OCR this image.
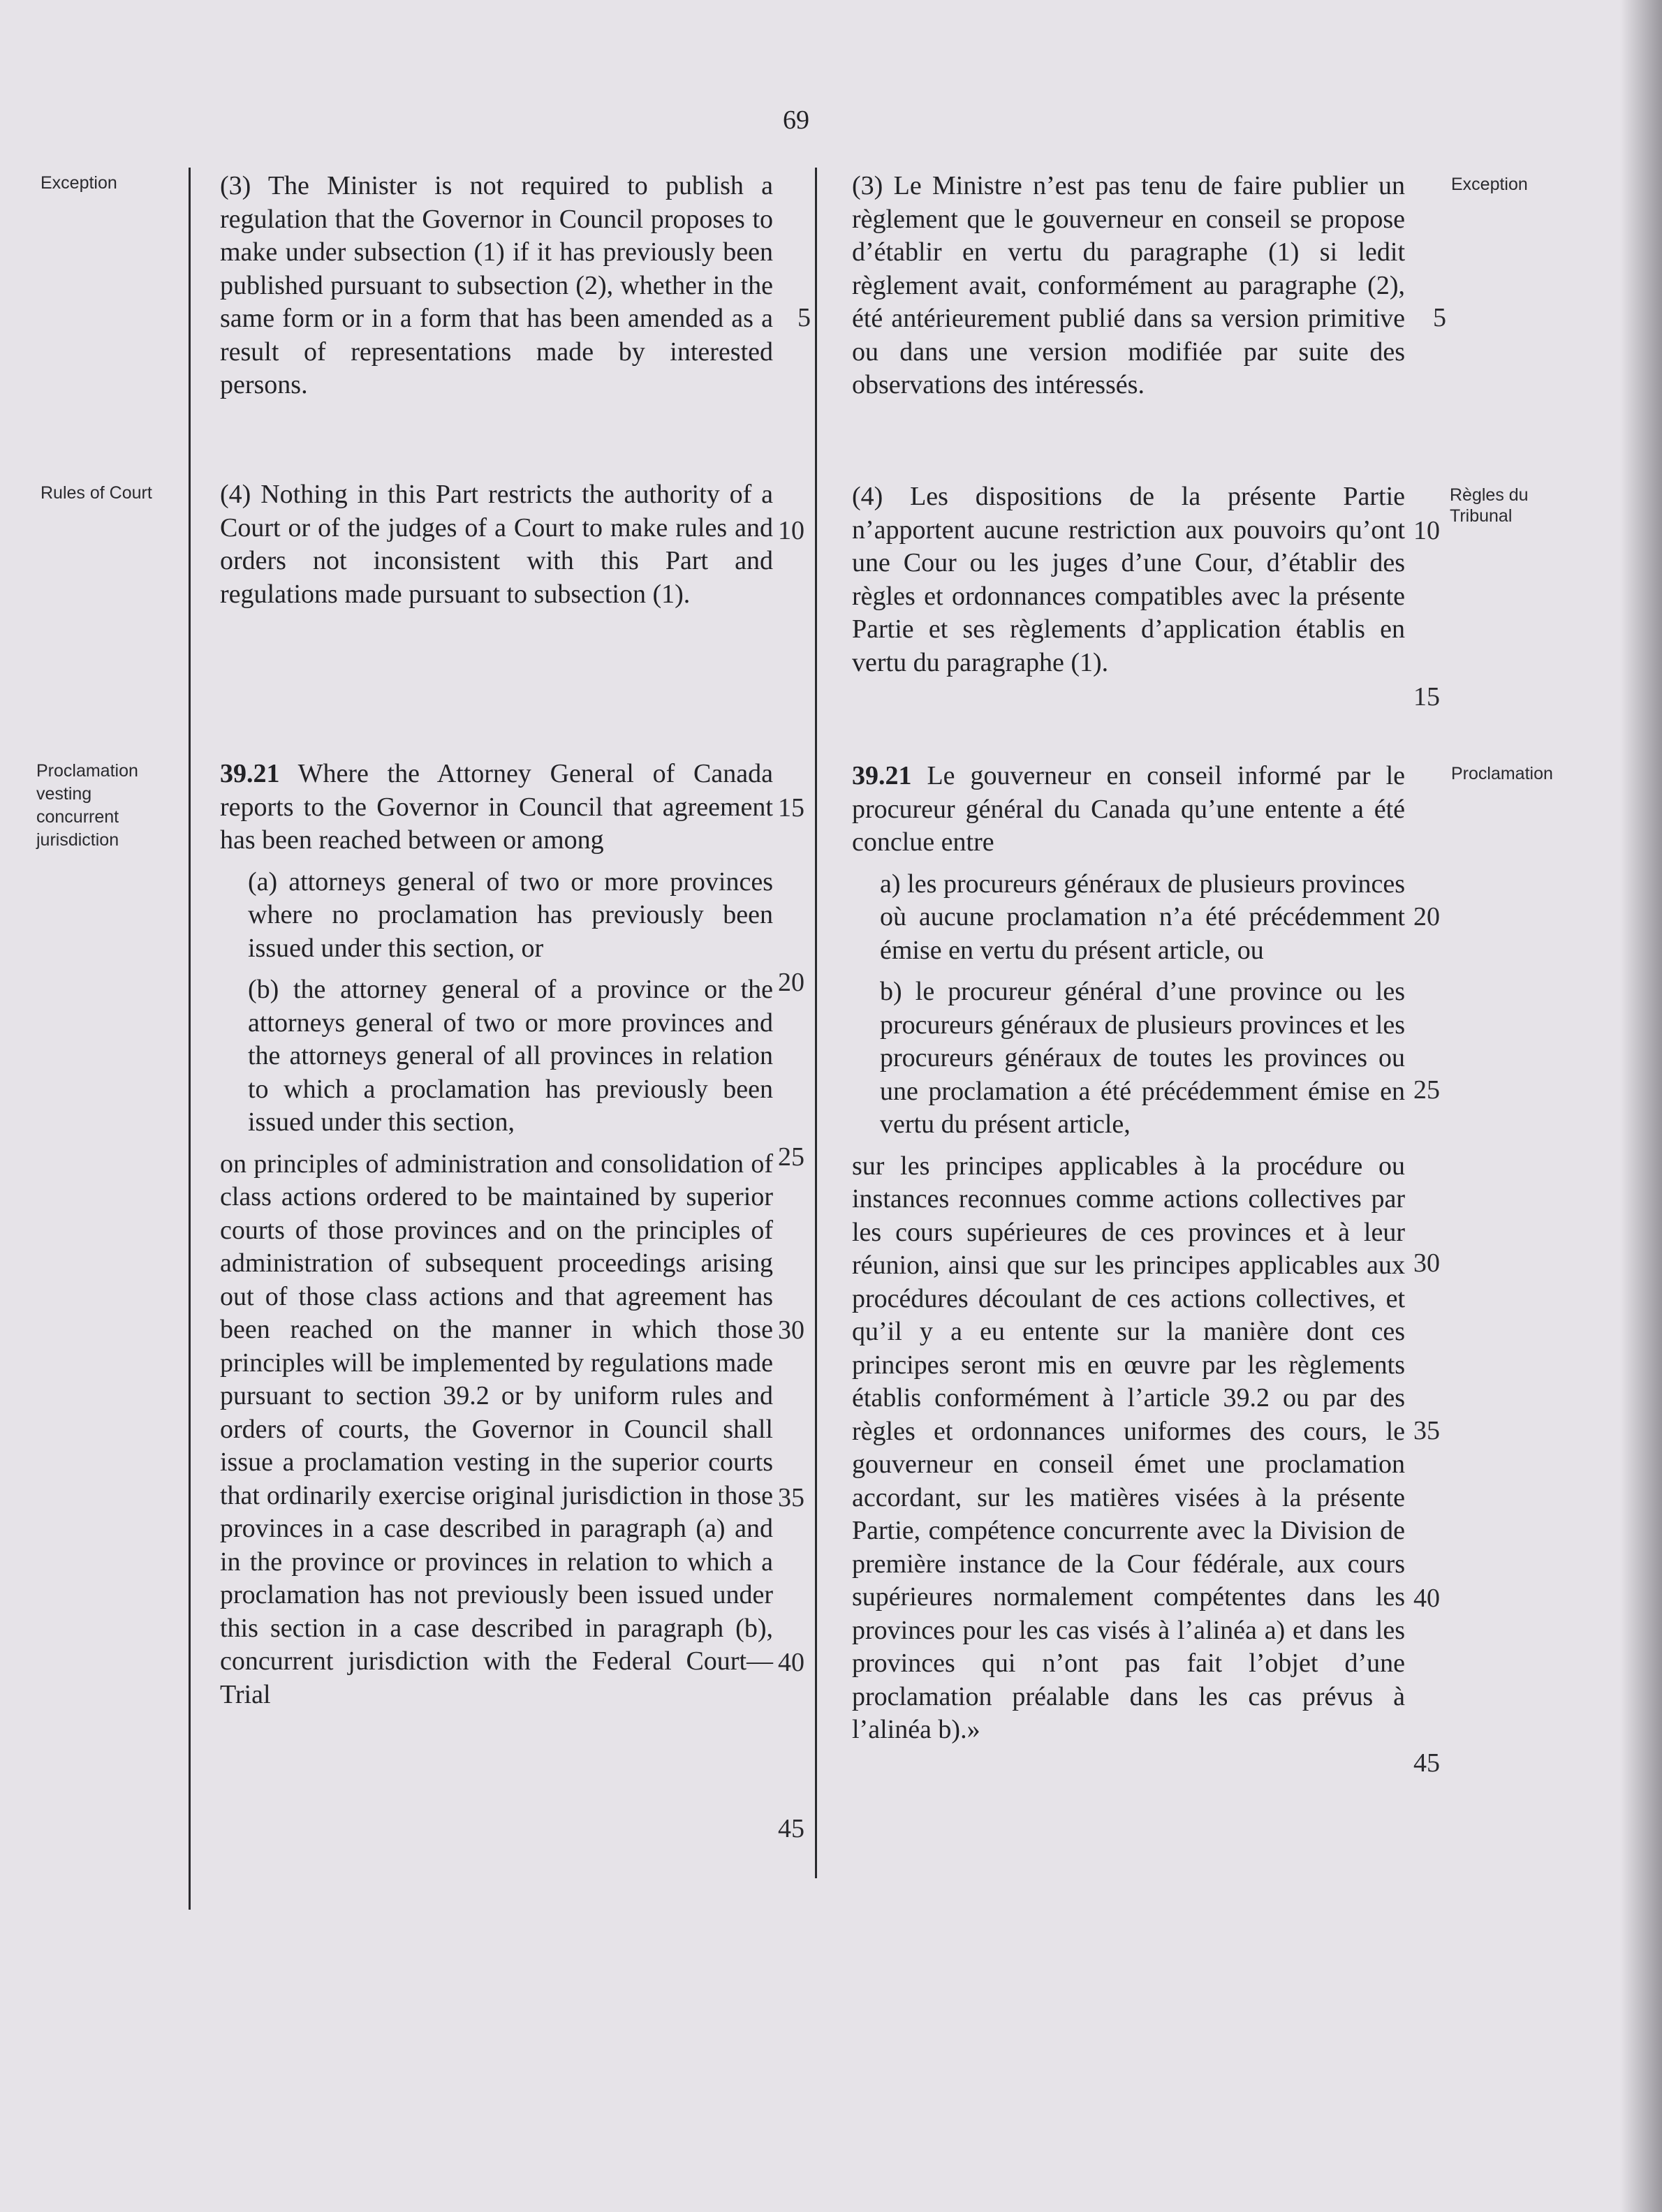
69
Exception
Rules of Court
Proclamation
vesting
concurrent
jurisdiction
Exception
Règles du
Tribunal
Proclamation

(3) The Minister is not required to publish a regulation that the Governor in Council proposes to make under subsection (1) if it has previously been published pursuant to subsection (2), whether in the same form or in a form that has been amended as a result of representations made by interested persons.

(4) Nothing in this Part restricts the authority of a Court or of the judges of a Court to make rules and orders not inconsistent with this Part and regulations made pursuant to subsection (1).

39.21 Where the Attorney General of Canada reports to the Governor in Council that agreement has been reached between or among

(a) attorneys general of two or more provinces where no proclamation has previously been issued under this section, or

(b) the attorney general of a province or the attorneys general of two or more provinces and the attorneys general of all provinces in relation to which a proclamation has previously been issued under this section,

on principles of administration and consolidation of class actions ordered to be maintained by superior courts of those provinces and on the principles of administration of subsequent proceedings arising out of those class actions and that agreement has been reached on the manner in which those principles will be implemented by regulations made pursuant to section 39.2 or by uniform rules and orders of courts, the Governor in Council shall issue a proclamation vesting in the superior courts that ordinarily exercise original jurisdiction in those provinces in a case described in paragraph (a) and in the province or provinces in relation to which a proclamation has not previously been issued under this section in a case described in paragraph (b), concurrent jurisdiction with the Federal Court—Trial

(3) Le Ministre n’est pas tenu de faire publier un règlement que le gouverneur en conseil se propose d’établir en vertu du paragraphe (1) si ledit règlement avait, conformément au paragraphe (2), été antérieurement publié dans sa version primitive ou dans une version modifiée par suite des observations des intéressés.

(4) Les dispositions de la présente Partie n’apportent aucune restriction aux pouvoirs qu’ont une Cour ou les juges d’une Cour, d’établir des règles et ordonnances compatibles avec la présente Partie et ses règlements d’application établis en vertu du paragraphe (1).

39.21 Le gouverneur en conseil informé par le procureur général du Canada qu’une entente a été conclue entre

a) les procureurs généraux de plusieurs provinces où aucune proclamation n’a été précédemment émise en vertu du présent article, ou

b) le procureur général d’une province ou les procureurs généraux de plusieurs provinces et les procureurs généraux de toutes les provinces ou une proclamation a été précédemment émise en vertu du présent article,

sur les principes applicables à la procédure ou instances reconnues comme actions collectives par les cours supérieures de ces provinces et à leur réunion, ainsi que sur les principes applicables aux procédures découlant de ces actions collectives, et qu’il y a eu entente sur la manière dont ces principes seront mis en œuvre par les règlements établis conformément à l’article 39.2 ou par des règles et ordonnances uniformes des cours, le gouverneur en conseil émet une proclamation accordant, sur les matières visées à la présente Partie, compétence concurrente avec la Division de première instance de la Cour fédérale, aux cours supérieures normalement compétentes dans les provinces pour les cas visés à l’alinéa a) et dans les provinces qui n’ont pas fait l’objet d’une proclamation préalable dans les cas prévus à l’alinéa b).»

5
10
15
20
25
30
35
40
45
5
10
15
20
25
30
35
40
45
